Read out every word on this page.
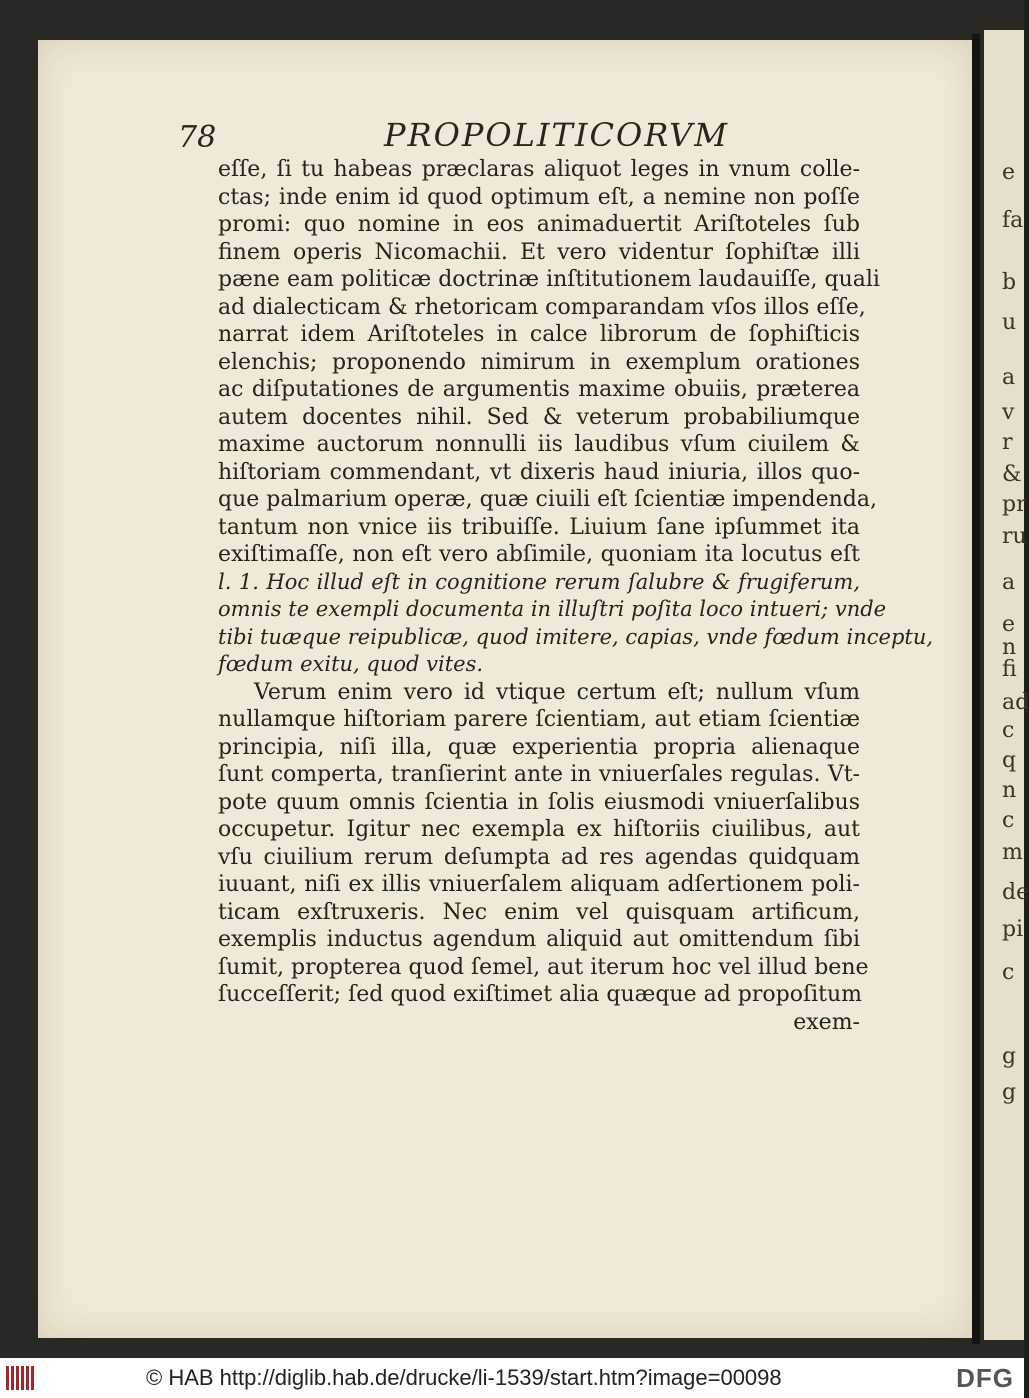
e
fa
b
u
a
v
r
&
pr
ru
a
e
n
fi
ad
c
q
n
c
m
de
pi
c
g
g
78	PROPOLITICORVM
eſſe, ſi tu habeas præclaras aliquot leges in vnum colle-
ctas; inde enim id quod optimum eſt, a nemine non poſſe
promi: quo nomine in eos animaduertit Ariſtoteles ſub
finem operis Nicomachii. Et vero videntur ſophiſtæ illi
pæne eam politicæ doctrinæ inſtitutionem laudauiſſe, quali
ad dialecticam & rhetoricam comparandam vſos illos eſſe,
narrat idem Ariſtoteles in calce librorum de ſophiſticis
elenchis; proponendo nimirum in exemplum orationes
ac diſputationes de argumentis maxime obuiis, præterea
autem docentes nihil. Sed & veterum probabiliumque
maxime auctorum nonnulli iis laudibus vſum ciuilem &
hiſtoriam commendant, vt dixeris haud iniuria, illos quo-
que palmarium operæ, quæ ciuili eſt ſcientiæ impendenda,
tantum non vnice iis tribuiſſe. Liuium ſane ipſummet ita
exiſtimaſſe, non eſt vero abſimile, quoniam ita locutus eſt
l. 1. Hoc illud eſt in cognitione rerum ſalubre & frugiferum,
omnis te exempli documenta in illuſtri poſita loco intueri; vnde
tibi tuæque reipublicæ, quod imitere, capias, vnde fœdum inceptu,
fœdum exitu, quod vites.
Verum enim vero id vtique certum eſt; nullum vſum
nullamque hiſtoriam parere ſcientiam, aut etiam ſcientiæ
principia, niſi illa, quæ experientia propria alienaque
ſunt comperta, tranſierint ante in vniuerſales regulas. Vt-
pote quum omnis ſcientia in ſolis eiusmodi vniuerſalibus
occupetur. Igitur nec exempla ex hiſtoriis ciuilibus, aut
vſu ciuilium rerum deſumpta ad res agendas quidquam
iuuant, niſi ex illis vniuerſalem aliquam adſertionem poli-
ticam exſtruxeris. Nec enim vel quisquam artificum,
exemplis inductus agendum aliquid aut omittendum ſibi
ſumit, propterea quod ſemel, aut iterum hoc vel illud bene
ſucceſſerit; ſed quod exiſtimet alia quæque ad propoſitum
exem-
© HAB http://diglib.hab.de/drucke/li-1539/start.htm?image=00098	DFG
